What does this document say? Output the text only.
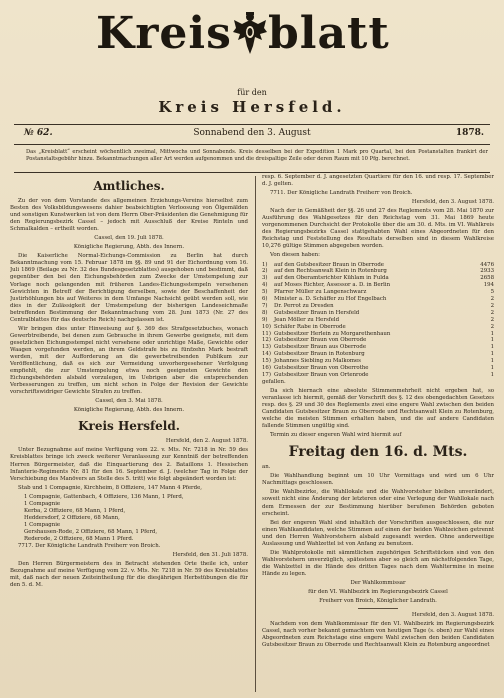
Kreis blatt
für den
Kreis Hersfeld.
№ 62.	Sonnabend den 3. August	1878.
Das „Kreisblatt“ erscheint wöchentlich zweimal, Mittwochs und Sonnabends. Kreis desselben bei der Expedition 1 Mark pro Quartal, bei den Postanstalten frankirt der Postanstaltsgebühr hinzu. Bekanntmachungen aller Art werden aufgenommen und die dreispaltige Zeile oder deren Raum mit 10 Pfg. berechnet.
Amtliches.

Zu der von dem Vorstande des allgemeinen Erziehungs-Vereins hierselbst zum Besten des Volksbildungswesens dahier beabsichtigten Verloosung von Ölgemälden und sonstigen Kunstwerken ist von dem Herrn Ober-Präsidenten die Genehmigung für den Regierungsbezirk Cassel – jedoch mit Ausschluß der Kreise Rinteln und Schmalkalden – ertheilt worden.

Cassel, den 19. Juli 1878.

Königliche Regierung, Abth. des Innern.

Die Kaiserliche Normal-Eichungs-Commission zu Berlin hat durch Bekanntmachung vom 15. Februar 1878 im §§. 89 und 91 der Eichordnung vom 16. Juli 1869 (Beilage zu Nr. 32 des Bundesgesetzblattes) ausgehoben und bestimmt, daß gegenüber den bei den Eichungsbehörden zum Zwecke der Umstempelung zur Vorlage noch gelangenden mit früheren Landes-Eichungsstempeln versehenen Gewichten in Betreff der Berichtigung derselben, sowie der Beschaffenheit der Justirhöhlungen bis auf Weiteres in dem Umfange Nachsicht geübt werden soll, wie dies in der Zulässigkeit der Umstempelung der bisherigen Landeseichmaße betreffenden Bestimmung der Bekanntmachung vom 28. Juni 1873 (Nr. 27 des Centralblattes für das deutsche Reich) nachgelassen ist.

Wir bringen dies unter Hinweisung auf §. 369 des Strafgesetzbuches, wonach Gewerbtreibende, bei denen zum Gebrauche in ihrem Gewerbe geeignete, mit dem gesetzlichen Eichungsstempel nicht versehene oder unrichtige Maße, Gewichte oder Waagen vorgefunden werden, an ihrem Geldstrafe bis zu fünfzehn Mark bestraft werden, mit der Aufforderung an die gewerbetreibenden Publikum zur Veröffentlichung, daß es sich zur Vermeidung unvorhergesehener Verfolgung empfiehlt, die zur Umstempelung etwa noch geeigneten Gewichte den Eichungsbehörden alsbald vorzulegen, im Uebrigen aber die entsprechenden Verbesserungen zu treffen, um nicht schon in Folge der Revision der Gewichte vorschriftswidriger Gewichte Strafen zu treffen.

Cassel, den 3. Mai 1878.

Königliche Regierung, Abth. des Innern.

Kreis Hersfeld.

Hersfeld, den 2. August 1878.

Unter Bezugnahme auf meine Verfügung vom 22. v. Mts. Nr. 7218 in Nr. 59 des Kreisblattes bringe ich zweck weiterer Veranlassung zur Kenntniß der betreffenden Herren Bürgermeister, daß die Einquartierung des 2. Bataillons 1. Hessischen Infanterie-Regiments Nr. 81 für den 16. September d. J. (welcher Tag in Folge der Verschiebung des Manövers an Stelle des 5. tritt) wie folgt abgeändert worden ist:

Stab und 1 Compagnie, Kirchheim, 8 Offiziere, 147 Mann 4 Pferde,

1 Compagnie, Gattenbach, 4 Offiziere, 136 Mann, 1 Pferd,
1 Compagnie
Kerba, 2 Offiziere, 68 Mann, 1 Pferd,
Heddersdorf, 2 Offiziere, 68 Mann,
1 Compagnie
Gershausen-Rode, 2 Offiziere, 68 Mann, 1 Pferd,
Rederode, 2 Offiziere, 68 Mann 1 Pferd.

7717. Der Königliche Landrath Freiherr von Broich.

Hersfeld, den 31. Juli 1878.

Den Herren Bürgermeistern des in Betracht stehenden Orte theile ich, unter Bezugnahme auf meine Verfügung vom 22. v. Mts. Nr. 7218 in Nr. 59 des Kreisblattes mit, daß nach der neuen Zeiteintheilung für die diesjährigen Herbstübungen die für den 5. d. M.

resp. 6. September d. J. angesetzten Quartiere für den 16. und resp. 17. September d. J. gelten.

7711. Der Königliche Landrath Freiherr von Broich.

Hersfeld, den 3. August 1878.

Nach der in Gemäßheit der §§. 26 und 27 des Reglements vom 28. Mai 1870 zur Ausführung des Wahlgesetzes für den Reichstag vom 31. Mai 1869 heute vorgenommenen Durchsicht der Protokolle über die am 30. d. Mts. im VI. Wahlkreis des Regierungsbezirks Cassel stattgehabten Wahl eines Abgeordneten für den Reichstag und Feststellung des Resultats derselben sind in diesem Wahlkreise 10,276 gültige Stimmen abgegeben worden.

Von diesen haben:

1)	auf den Gutsbesitzer Braun in Oberrode	4476
2)	auf den Rechtsanwalt Klein in Rotenburg	2933
3)	auf den Oberamtsrichter Kühlam in Fulda	2658
4)	auf Moses Richter, Assessor a. D. in Berlin	194
5)	Pfarrer Müller zu Langenschwarz	5
6)	Minister a. D. Schäffer zu Hof Engelbach	2
7)	Dr. Perrot zu Dresden	2
8)	Gutsbesitzer Braun in Hersfeld	2
9)	Jean Möller zu Hersfeld	2
10)	Schäfer Rabe in Oberrode	2
11)	Gutsbesitzer Herlein zu Morgarethenhaun	1
12)	Gutsbesitzer Braun von Oberrode	1
13)	Gutsbesitzer Braun aus Oberrode	1
14)	Gutsbesitzer Braun in Rotenburg	1
15)	Johannes Siebling zu Malkomes	1
16)	Gutsbesitzer Braun von Oberrothe	1
17)	Gutsbesitzer Braun von Ortenrode	1

gefallen.

Da sich hiernach eine absolute Stimmenmehrheit nicht ergeben hat, so veranlasse ich hiermit, gemäß der Vorschrift des §. 12 des obengedachten Gesetzes resp. des §. 29 und 30 des Reglements zwei eine engere Wahl zwischen den beiden Candidaten Gutsbesitzer Braun zu Oberrode und Rechtsanwalt Klein zu Rotenburg, welche die meisten Stimmen erhalten haben, und die auf andere Candidaten fallende Stimmen ungültig sind.

Termin zu dieser engeren Wahl wird hiermit auf

Freitag den 16. d. Mts.

an.

Die Wahlhandlung beginnt um 10 Uhr Vormittags und wird um 6 Uhr Nachmittags geschlossen.

Die Wahlbezirke, die Wahllokale und die Wahlvorsteher bleiben unverändert, soweit nicht eine Änderung der letzteren oder eine Verlegung der Wahllokale nach dem Ermessen der zur Bestimmung hierüber berufenen Behörden geboten erscheint.

Bei der engeren Wahl sind inhaltlich der Vorschriften ausgeschlossen, die nur einen Wahlkandidaten, welche Stimmen auf einen der beiden Wahlzeichen getrennt und den Herren Wahlvorstehern alsbald zugesandt werden. Ohne anderweitige Auslassung und Wahlzettel ist von Anfang zu benutzen.

Die Wahlprotokolle mit sämmtlichen zugehörigen Schriftstücken sind von den Wahlvorstehern unverzüglich, spätestens aber so gleich am nächstfolgenden Tage, die Wahlzettel in die Hände des dritten Tages nach dem Wahltermine in meine Hände zu legen.

Der Wahlkommissar

für den VI. Wahlbezirk im Regierungsbezirk Cassel

Freiherr von Broich, Königlicher Landrath.

Hersfeld, den 3. August 1878.

Nachdem von dem Wahlkommissar für den VI. Wahlbezirk im Regierungsbezirk Cassel, nach vorher bekannt gemachtem von heutigen Tage (s. oben) zur Wahl eines Abgeordneten zum Reichstage eine engere Wahl zwischen den beiden Candidaten Gutsbesitzer Braun zu Oberrode und Rechtsanwalt Klein zu Rotenburg angeordnet
